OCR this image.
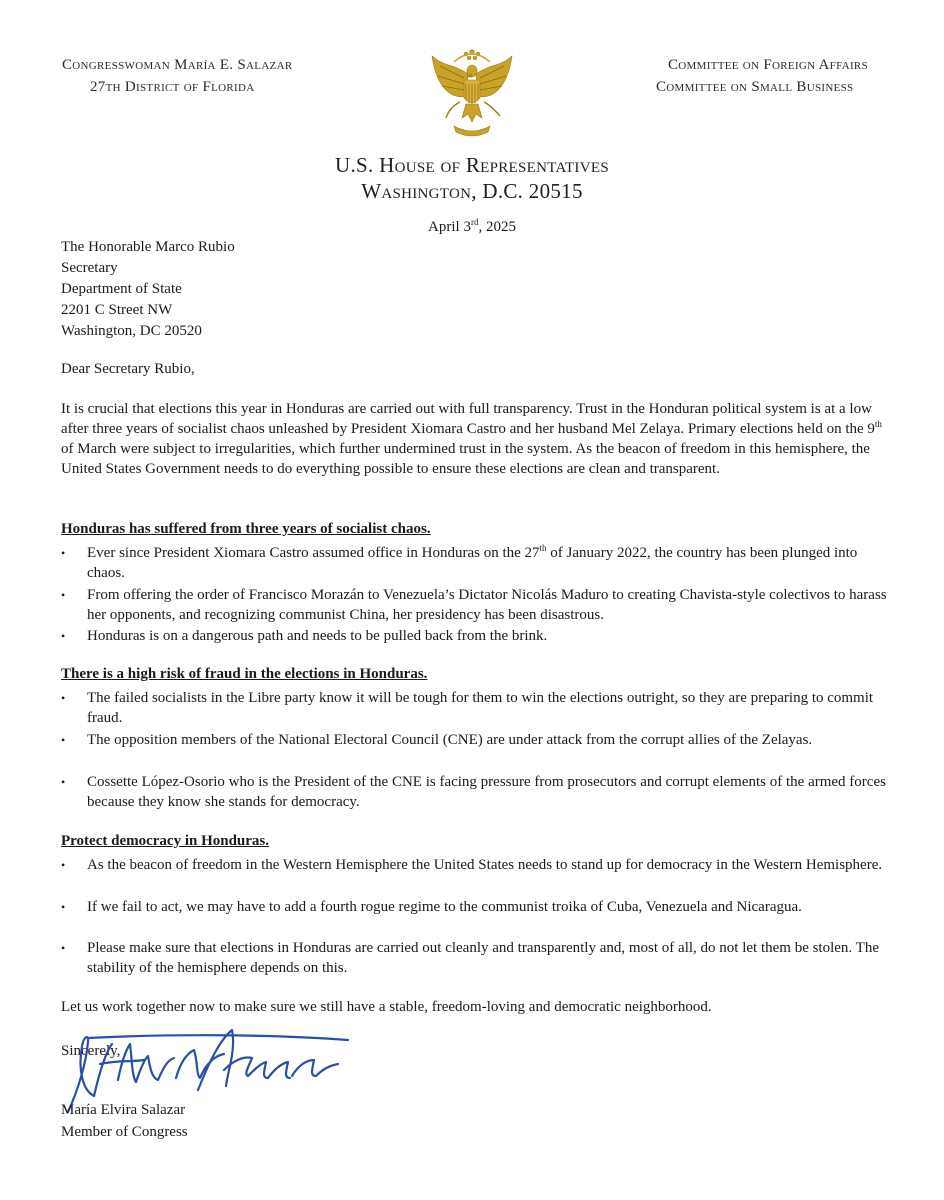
Congresswoman María E. Salazar
27th District of Florida
Committee on Foreign Affairs
Committee on Small Business
U.S. House of Representatives
Washington, D.C. 20515
April 3rd, 2025
The Honorable Marco Rubio
Secretary
Department of State
2201 C Street NW
Washington, DC 20520
Dear Secretary Rubio,
It is crucial that elections this year in Honduras are carried out with full transparency. Trust in the Honduran political system is at a low after three years of socialist chaos unleashed by President Xiomara Castro and her husband Mel Zelaya. Primary elections held on the 9th of March were subject to irregularities, which further undermined trust in the system. As the beacon of freedom in this hemisphere, the United States Government needs to do everything possible to ensure these elections are clean and transparent.
Honduras has suffered from three years of socialist chaos.
•	Ever since President Xiomara Castro assumed office in Honduras on the 27th of January 2022, the country has been plunged into chaos.
•	From offering the order of Francisco Morazán to Venezuela’s Dictator Nicolás Maduro to creating Chavista-style colectivos to harass her opponents, and recognizing communist China, her presidency has been disastrous.
•	Honduras is on a dangerous path and needs to be pulled back from the brink.
There is a high risk of fraud in the elections in Honduras.
•	The failed socialists in the Libre party know it will be tough for them to win the elections outright, so they are preparing to commit fraud.
•	The opposition members of the National Electoral Council (CNE) are under attack from the corrupt allies of the Zelayas.
•	Cossette López-Osorio who is the President of the CNE is facing pressure from prosecutors and corrupt elements of the armed forces because they know she stands for democracy.
Protect democracy in Honduras.
•	As the beacon of freedom in the Western Hemisphere the United States needs to stand up for democracy in the Western Hemisphere.
•	If we fail to act, we may have to add a fourth rogue regime to the communist troika of Cuba, Venezuela and Nicaragua.
•	Please make sure that elections in Honduras are carried out cleanly and transparently and, most of all, do not let them be stolen. The stability of the hemisphere depends on this.
Let us work together now to make sure we still have a stable, freedom-loving and democratic neighborhood.
Sincerely,
María Elvira Salazar
Member of Congress
